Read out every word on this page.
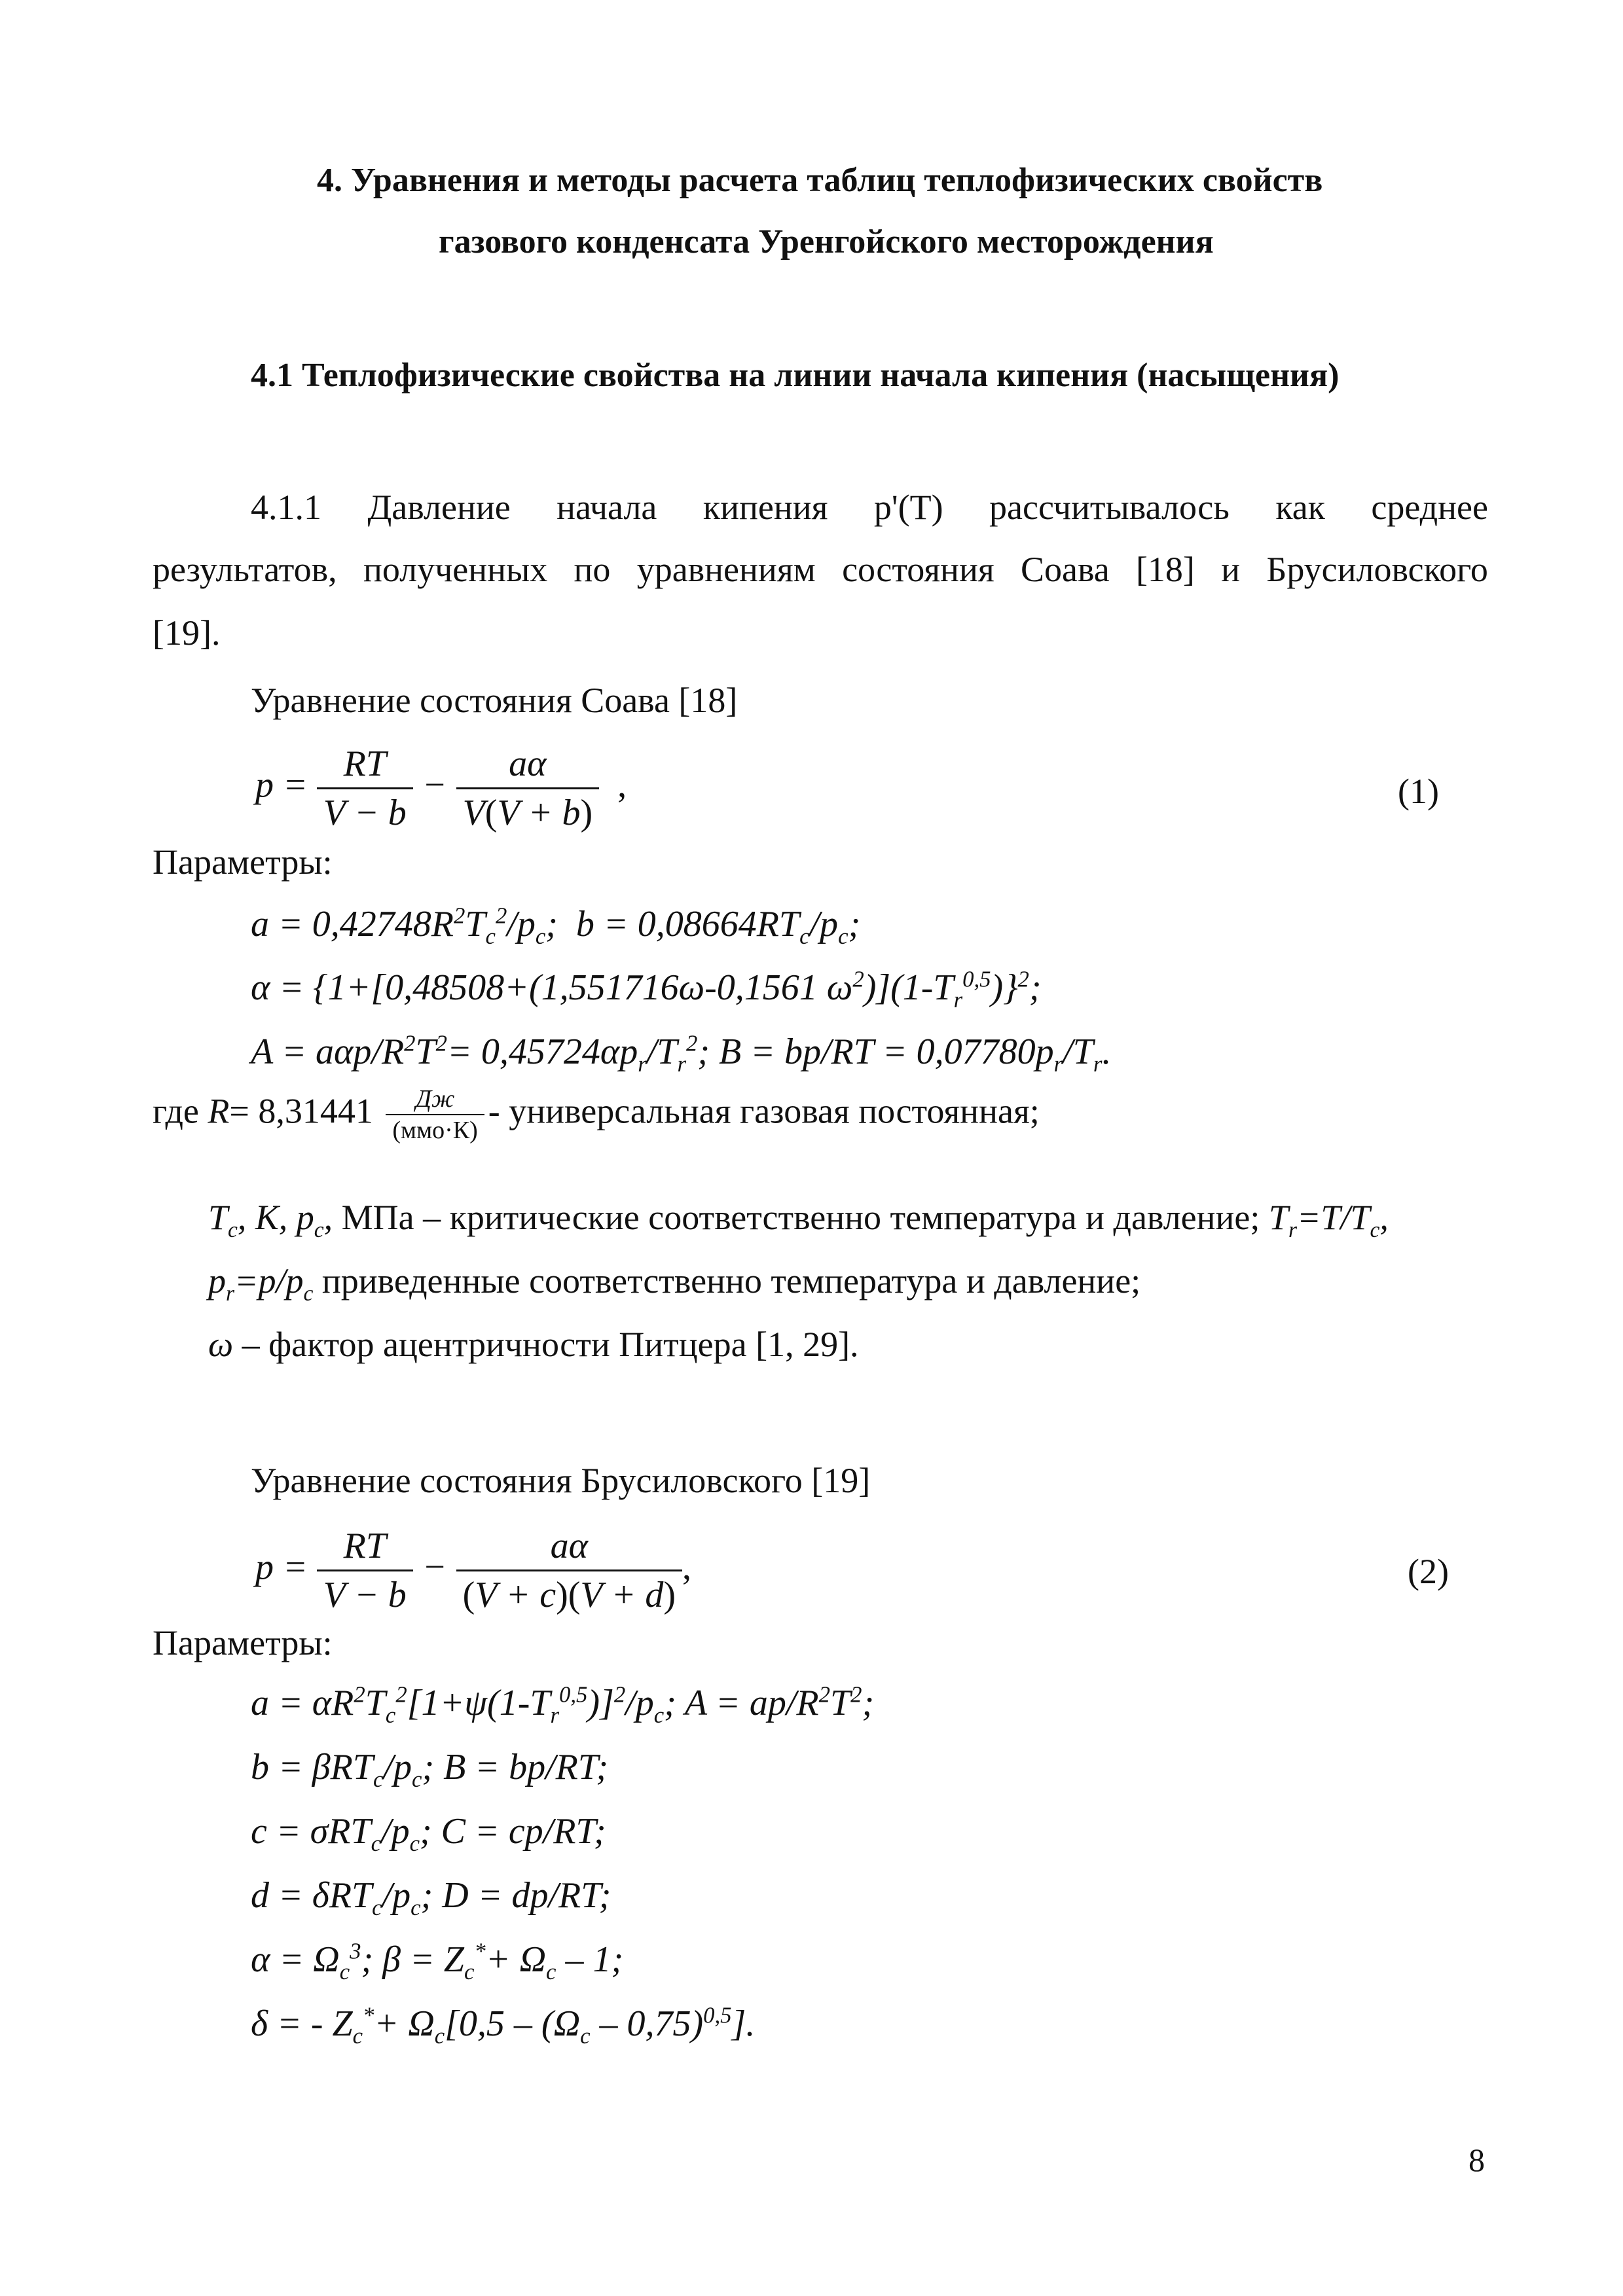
4. Уравнения и методы расчета таблиц теплофизических свойств
газового конденсата Уренгойского месторождения
4.1 Теплофизические свойства на линии начала кипения (насыщения)
4.1.1 Давление начала кипения p'(T) рассчитывалось как среднее
результатов, полученных по уравнениям состояния Соава [18] и Брусиловского
[19].
Уравнение состояния Соава [18]
$p = \frac{RT}{V - b} - \frac{a\alpha}{V(V + b)}$ ,	(1)
Параметры:
$a = 0,42748R^2T_c^2/p_c$;  $b = 0,08664RT_c/p_c$;
α = {1+[0,48508+(1,551716ω-0,1561 $\omega^2)](1-T_r^{0,5})\}^2$;
A = aαp/$R^2T^2= 0,45724\alpha p_r/T_r^2$; $B = bp/RT = 0,07780p_r/T_r$.
где $R= 8,31441 \frac{Дж}{\text{(ммо·К)}}$ - универсальная газовая постоянная;
$T_c$, К, $p_c$, МПа – критические соответственно температура и давление; $T_r=T/T_c$,
$p_r=p/p_c$ приведенные соответственно температура и давление;
ω – фактор ацентричности Питцера [1, 29].
Уравнение состояния Брусиловского [19]
$p = \frac{RT}{V - b} - \frac{a\alpha}{(V + c)(V + d)}$ ,	(2)
Параметры:
$a = \alpha R^2T_c^2[1+\psi(1-T_r^{0,5})]^2/p_c$; $A = ap/R^2T^2$;
$b = \beta RT_c/p_c$; B = bp/RT;
$c = \sigma RT_c/p_c$; C = cp/RT;
$d = \delta RT_c/p_c$; D = dp/RT;
$\alpha = \Omega_c^3$; $\beta = Z_c^*+ \Omega_c - 1$;
δ = - $Z_c^*+ \Omega_c[0,5 - (\Omega_c - 0,75)^{0,5}]$.
8
